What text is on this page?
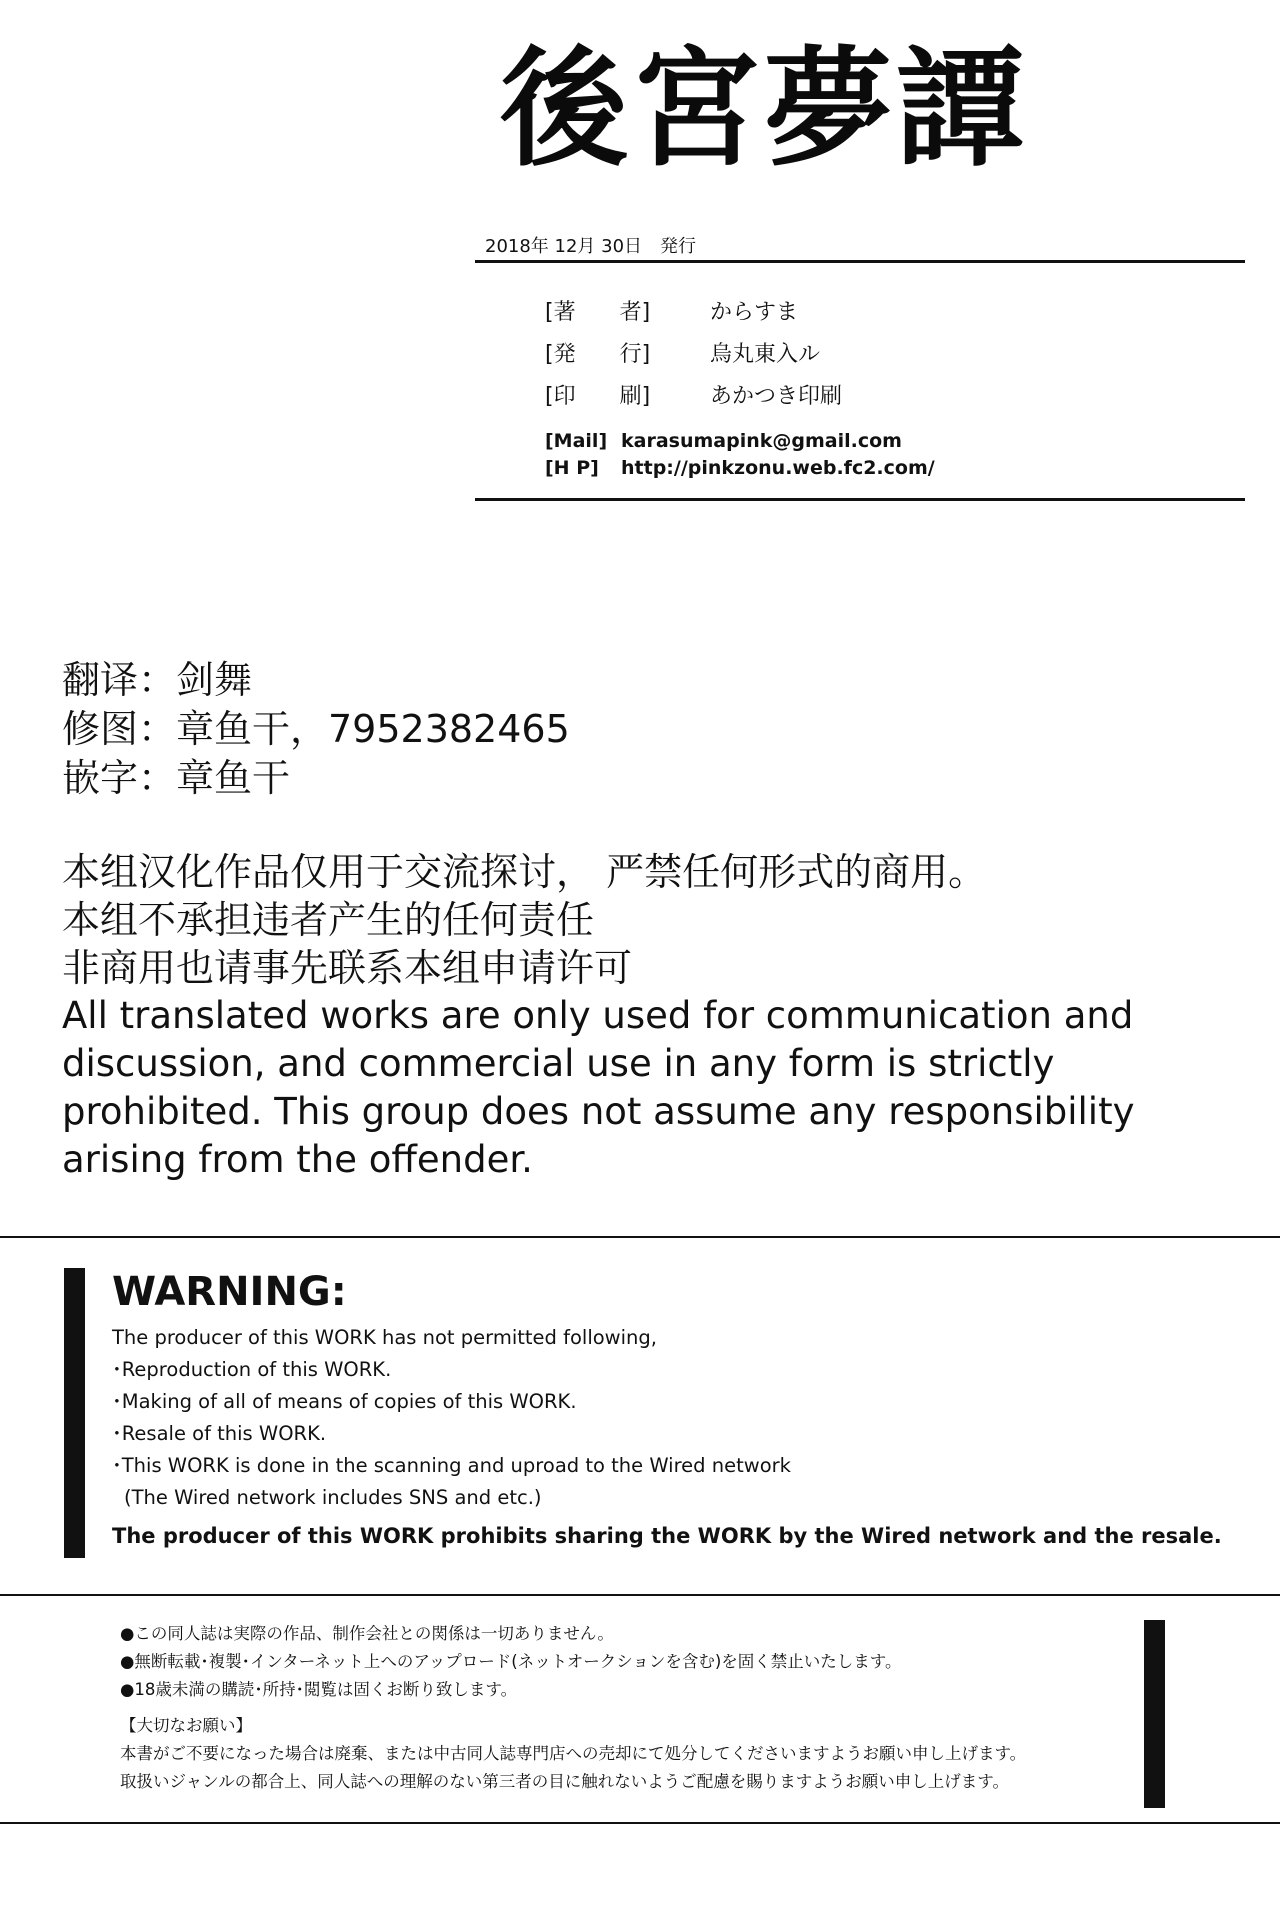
後宮夢譚
2018年 12月 30日　発行
[著　　者]	からすま
[発　　行]	烏丸東入ル
[印　　刷]	あかつき印刷
[Mail] karasumapink@gmail.com
[H P]	http://pinkzonu.web.fc2.com/
翻译：剑舞
修图：章鱼干，7952382465
嵌字：章鱼干
本组汉化作品仅用于交流探讨， 严禁任何形式的商用。
本组不承担违者产生的任何责任
非商用也请事先联系本组申请许可
All translated works are only used for communication and discussion, and commercial use in any form is strictly prohibited. This group does not assume any responsibility arising from the offender.
WARNING:
The producer of this WORK has not permitted following,
･Reproduction of this WORK.
･Making of all of means of copies of this WORK.
･Resale of this WORK.
･This WORK is done in the scanning and uproad to the Wired network
(The Wired network includes SNS and etc.)
The producer of this WORK prohibits sharing the WORK by the Wired network and the resale.
●この同人誌は実際の作品、制作会社との関係は一切ありません。
●無断転載･複製･インターネット上へのアップロード(ネットオークションを含む)を固く禁止いたします。
●18歳未満の購読･所持･閲覧は固くお断り致します。
【大切なお願い】
本書がご不要になった場合は廃棄、または中古同人誌専門店への売却にて処分してくださいますようお願い申し上げます。
取扱いジャンルの都合上、同人誌への理解のない第三者の目に触れないようご配慮を賜りますようお願い申し上げます。
